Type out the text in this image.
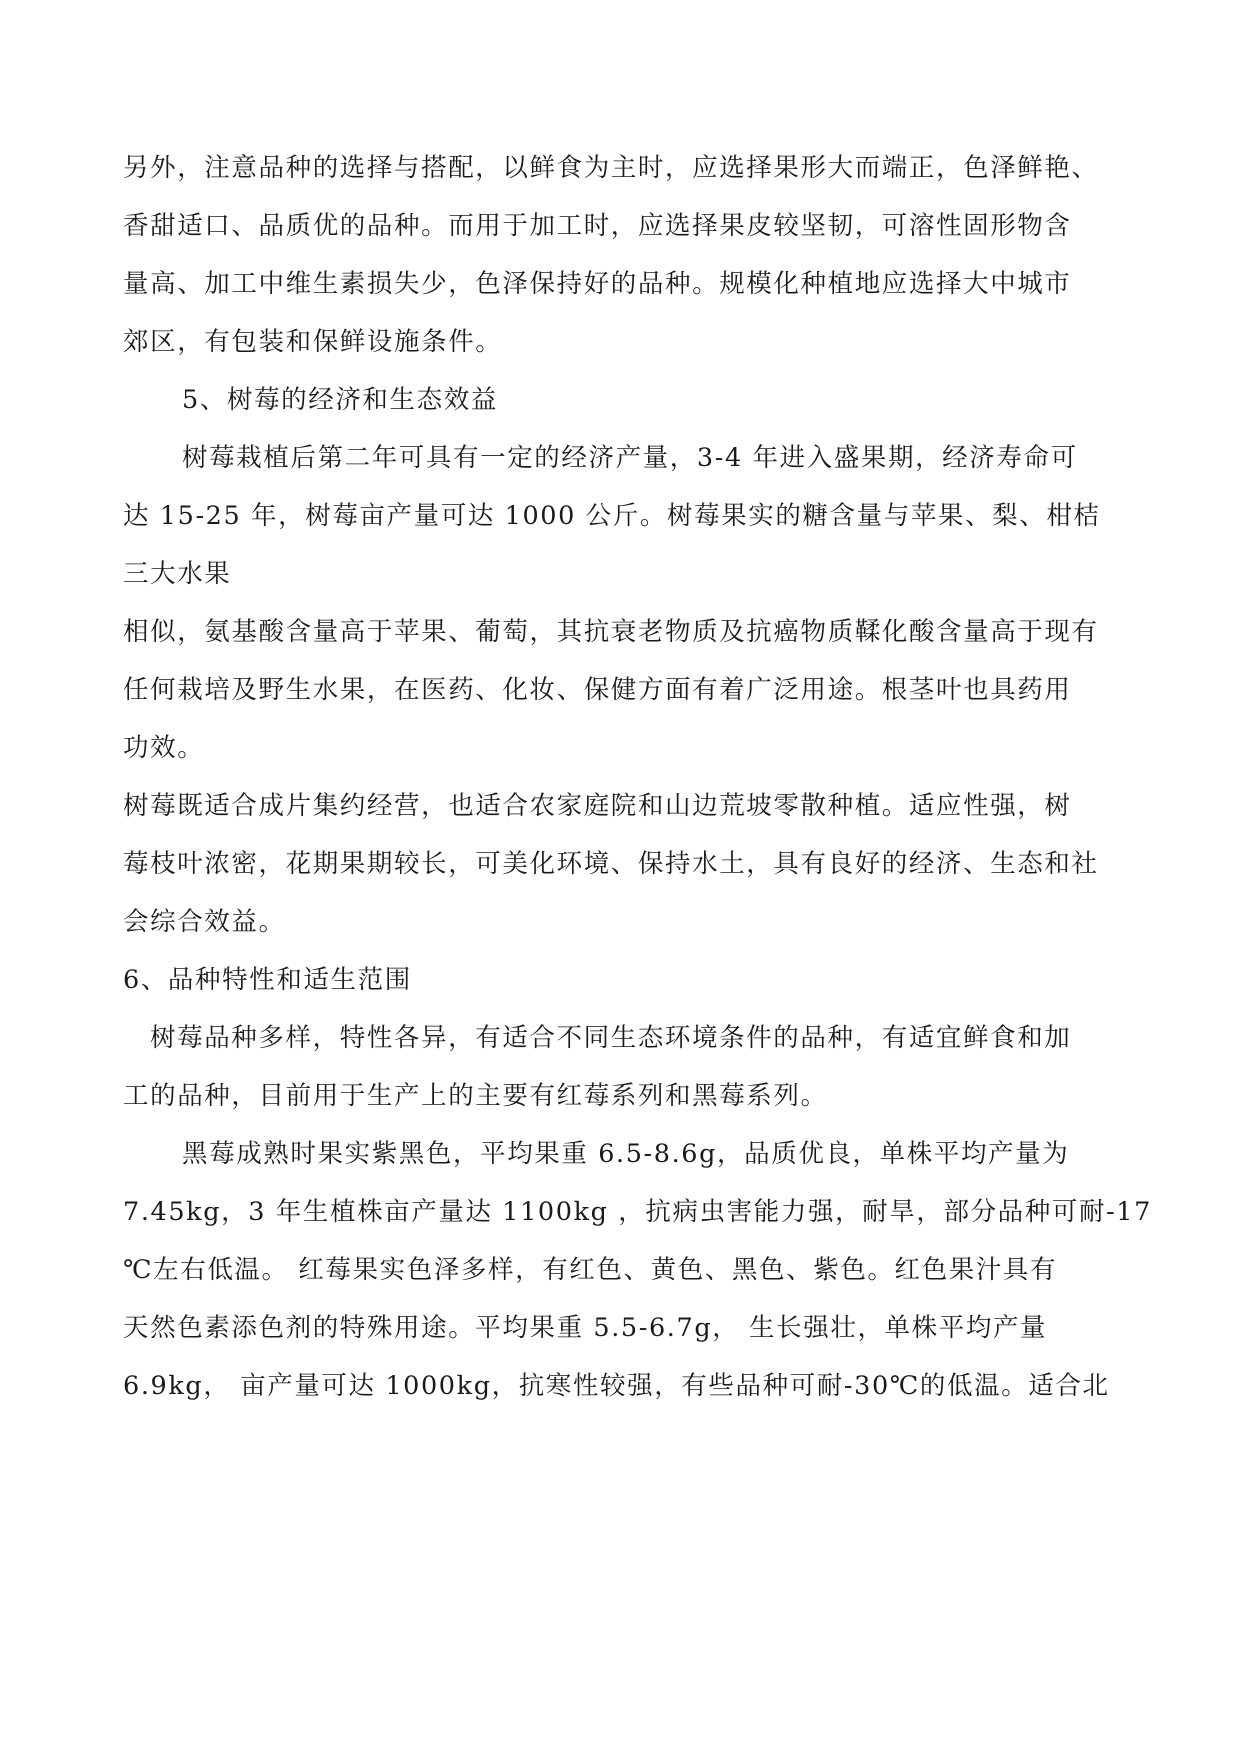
另外，注意品种的选择与搭配，以鲜食为主时，应选择果形大而端正，色泽鲜艳、
香甜适口、品质优的品种。而用于加工时，应选择果皮较坚韧，可溶性固形物含
量高、加工中维生素损失少，色泽保持好的品种。规模化种植地应选择大中城市
郊区，有包装和保鲜设施条件。
5、树莓的经济和生态效益
树莓栽植后第二年可具有一定的经济产量，3-4 年进入盛果期，经济寿命可
达 15-25 年，树莓亩产量可达 1000 公斤。树莓果实的糖含量与苹果、梨、柑桔
三大水果
相似，氨基酸含量高于苹果、葡萄，其抗衰老物质及抗癌物质鞣化酸含量高于现有
任何栽培及野生水果，在医药、化妆、保健方面有着广泛用途。根茎叶也具药用
功效。
树莓既适合成片集约经营，也适合农家庭院和山边荒坡零散种植。适应性强，树
莓枝叶浓密，花期果期较长，可美化环境、保持水土，具有良好的经济、生态和社
会综合效益。
6、品种特性和适生范围
树莓品种多样，特性各异，有适合不同生态环境条件的品种，有适宜鲜食和加
工的品种，目前用于生产上的主要有红莓系列和黑莓系列。
黑莓成熟时果实紫黑色，平均果重 6.5-8.6g，品质优良，单株平均产量为
7.45kg，3 年生植株亩产量达 1100kg ，抗病虫害能力强，耐旱，部分品种可耐-17
℃左右低温。 红莓果实色泽多样，有红色、黄色、黑色、紫色。红色果汁具有
天然色素添色剂的特殊用途。平均果重 5.5-6.7g， 生长强壮，单株平均产量
6.9kg， 亩产量可达 1000kg，抗寒性较强，有些品种可耐-30℃的低温。适合北
